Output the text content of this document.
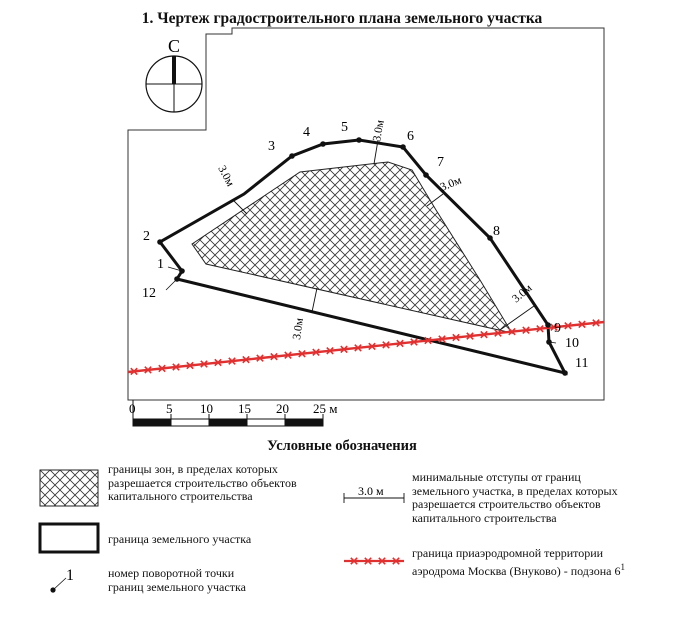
1. Чертеж градостроительного плана земельного участка
С
3.0м
3.0м
3.0м
3.0м
3.0м
1
2
3
4 5
6
7
8
9
10
11
12
0 5 10 15 20 25 м
1
3.0 м
Условные обозначения
границы зон, в пределах которых
разрешается строительство объектов
капитального строительства
граница земельного участка
номер поворотной точки
границ земельного участка
минимальные отступы от границ
земельного участка, в пределах которых
разрешается строительство объектов
капитального строительства
граница приаэродромной территории
аэродрома Москва (Внуково) - подзона $6^1$
